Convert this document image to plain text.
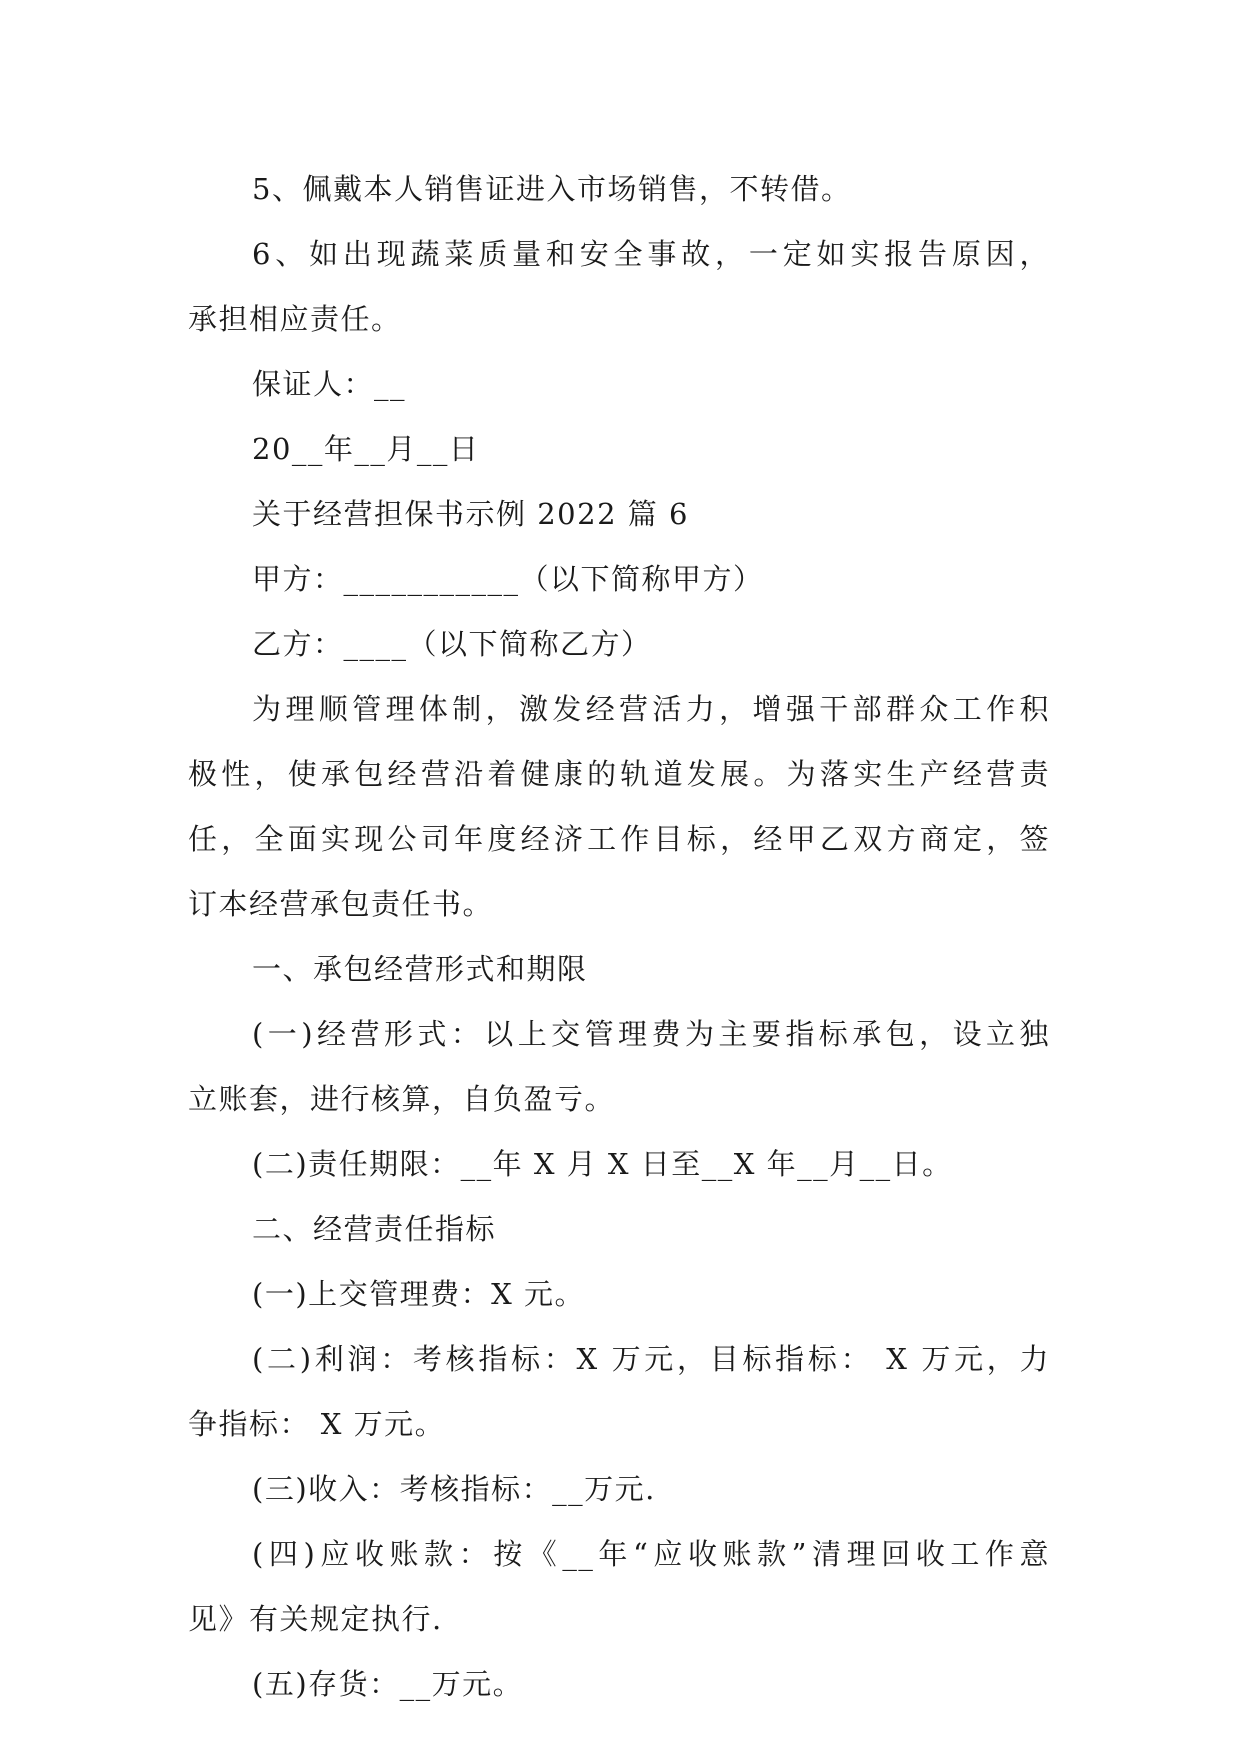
5、佩戴本人销售证进入市场销售，不转借。
6、如出现蔬菜质量和安全事故，一定如实报告原因，
承担相应责任。
保证人：__
20__年__月__日
关于经营担保书示例 2022 篇 6
甲方：___________（以下简称甲方）
乙方：____（以下简称乙方）
为理顺管理体制，激发经营活力，增强干部群众工作积
极性，使承包经营沿着健康的轨道发展。为落实生产经营责
任，全面实现公司年度经济工作目标，经甲乙双方商定，签
订本经营承包责任书。
一、承包经营形式和期限
(一)经营形式：以上交管理费为主要指标承包，设立独
立账套，进行核算，自负盈亏。
(二)责任期限：__年 X 月 X 日至__X 年__月__日。
二、经营责任指标
(一)上交管理费：X 元。
(二)利润：考核指标：X 万元，目标指标： X 万元，力
争指标： X 万元。
(三)收入：考核指标：__万元.
(四)应收账款：按《__年“应收账款”清理回收工作意
见》有关规定执行.
(五)存货：__万元。
